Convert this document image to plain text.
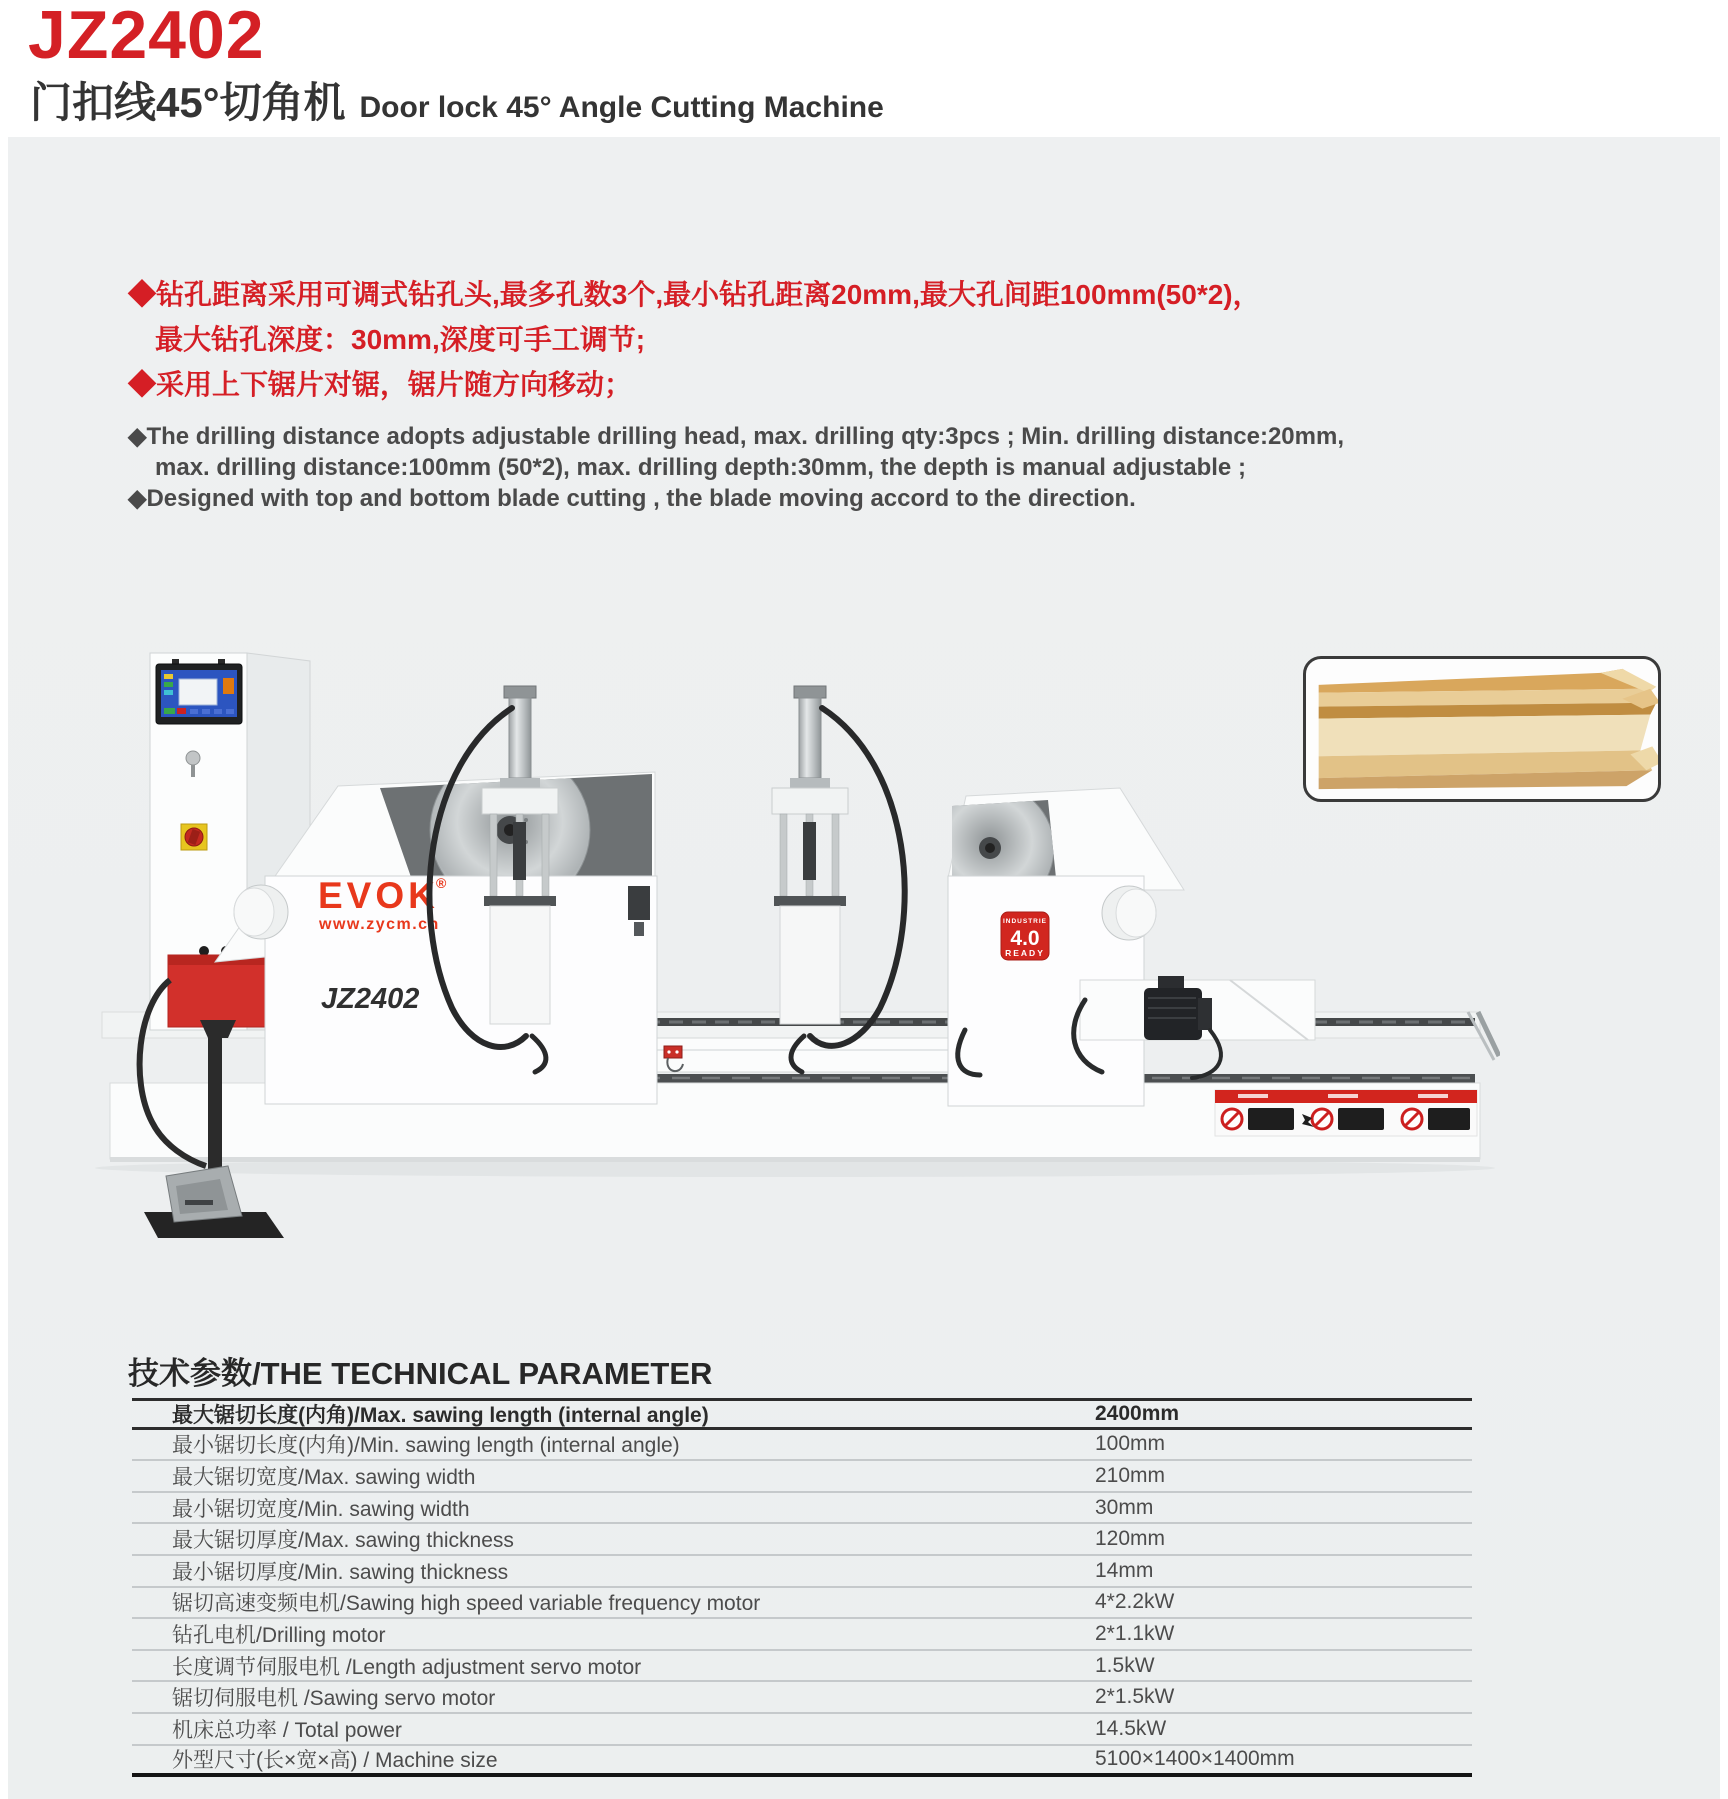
JZ2402
门扣线45°切角机 Door lock 45° Angle Cutting Machine
◆钻孔距离采用可调式钻孔头,最多孔数3个,最小钻孔距离20mm,最大孔间距100mm(50*2)，
最大钻孔深度：30mm,深度可手工调节;
◆采用上下锯片对锯，锯片随方向移动；
◆The drilling distance adopts adjustable drilling head, max. drilling qty:3pcs ; Min. drilling distance:20mm,
max. drilling distance:100mm (50*2), max. drilling depth:30mm, the depth is manual adjustable ;
◆Designed with top and bottom blade cutting , the blade moving accord to the direction.
EVOK
®
www.zycm.cn
JZ2402
INDUSTRIE
4.0
READY
技术参数/THE TECHNICAL PARAMETER
最大锯切长度(内角)/Max. sawing length (internal angle)	2400mm
最小锯切长度(内角)/Min. sawing length (internal angle)	100mm
最大锯切宽度/Max. sawing width	210mm
最小锯切宽度/Min. sawing width	30mm
最大锯切厚度/Max. sawing thickness	120mm
最小锯切厚度/Min. sawing thickness	14mm
锯切高速变频电机/Sawing high speed variable frequency motor	4*2.2kW
钻孔电机/Drilling motor	2*1.1kW
长度调节伺服电机 /Length adjustment servo motor	1.5kW
锯切伺服电机 /Sawing servo motor	2*1.5kW
机床总功率 / Total power	14.5kW
外型尺寸(长×宽×高) / Machine size	5100×1400×1400mm
